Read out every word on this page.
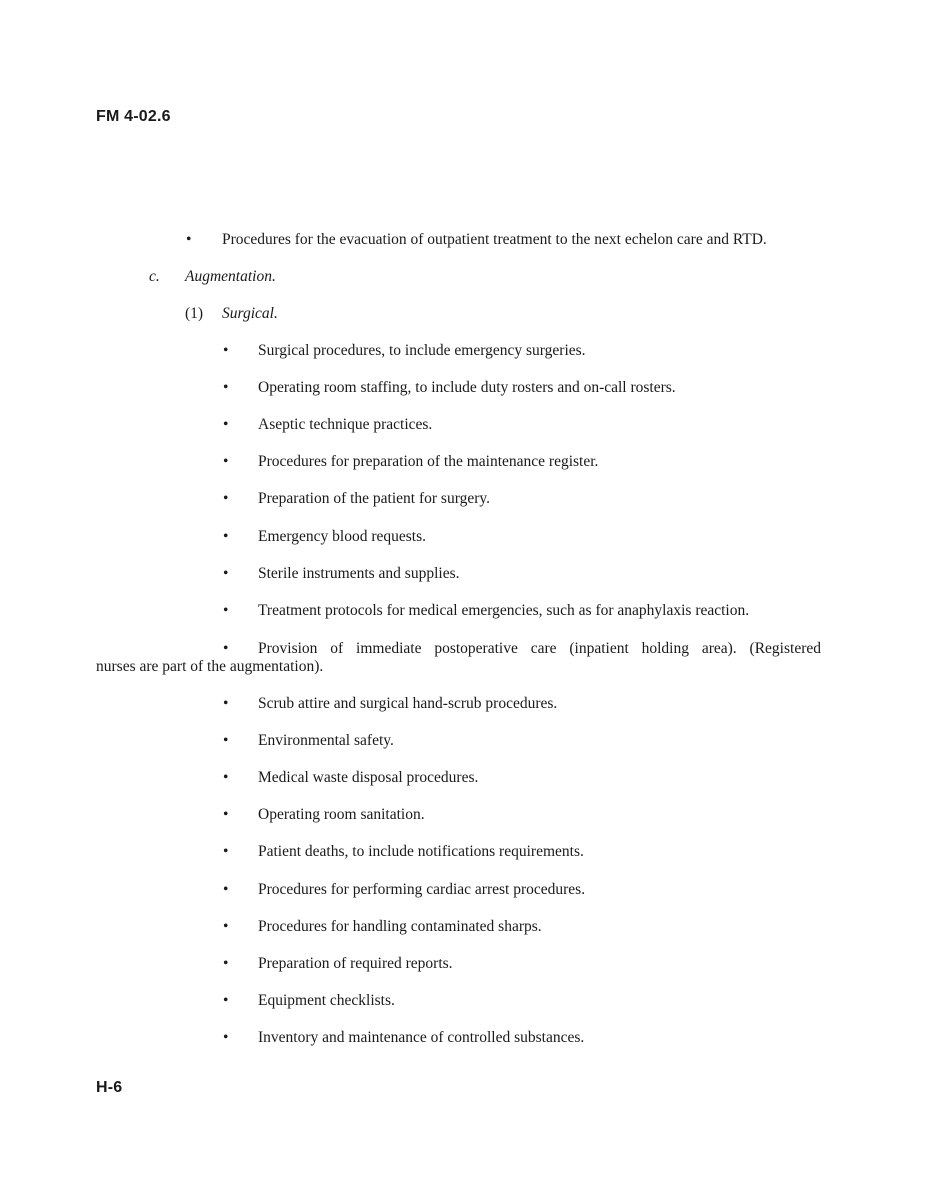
FM 4-02.6
• Procedures for the evacuation of outpatient treatment to the next echelon care and RTD.
c. Augmentation.
(1) Surgical.
• Surgical procedures, to include emergency surgeries.
• Operating room staffing, to include duty rosters and on-call rosters.
• Aseptic technique practices.
• Procedures for preparation of the maintenance register.
• Preparation of the patient for surgery.
• Emergency blood requests.
• Sterile instruments and supplies.
• Treatment protocols for medical emergencies, such as for anaphylaxis reaction.
• Provision of immediate postoperative care (inpatient holding area). (Registered
nurses are part of the augmentation).
• Scrub attire and surgical hand-scrub procedures.
• Environmental safety.
• Medical waste disposal procedures.
• Operating room sanitation.
• Patient deaths, to include notifications requirements.
• Procedures for performing cardiac arrest procedures.
• Procedures for handling contaminated sharps.
• Preparation of required reports.
• Equipment checklists.
• Inventory and maintenance of controlled substances.
H-6
